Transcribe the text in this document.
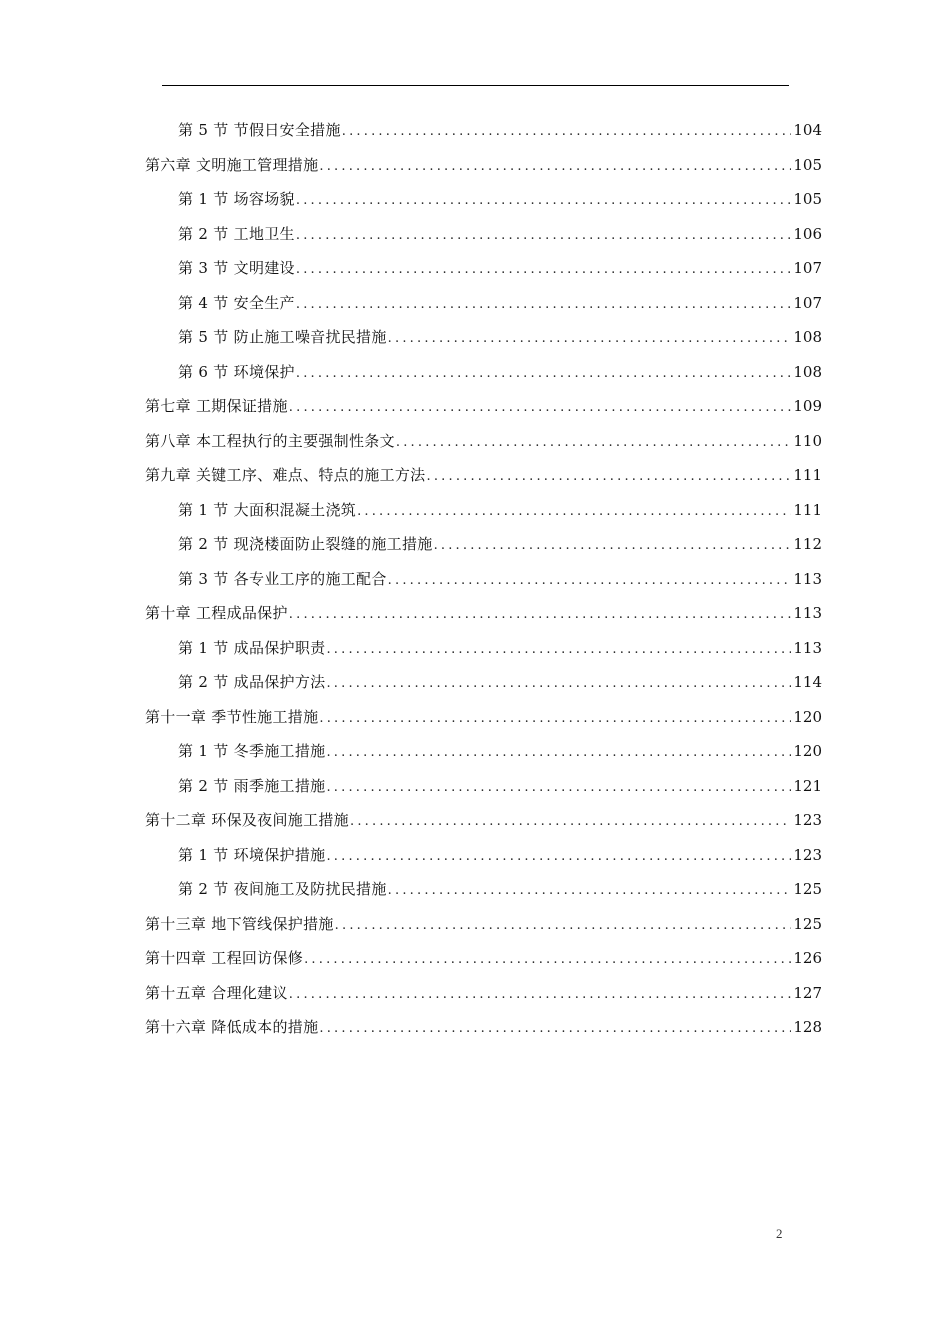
第 5 节 节假日安全措施 .....	104
第六章 文明施工管理措施 .....	105
第 1 节 场容场貌 .....	105
第 2 节 工地卫生 .....	106
第 3 节 文明建设 .....	107
第 4 节 安全生产 .....	107
第 5 节 防止施工噪音扰民措施 .....	108
第 6 节 环境保护 .....	108
第七章 工期保证措施 .....	109
第八章 本工程执行的主要强制性条文 .....	110
第九章 关键工序、难点、特点的施工方法 .....	111
第 1 节 大面积混凝土浇筑 .....	111
第 2 节 现浇楼面防止裂缝的施工措施 .....	112
第 3 节 各专业工序的施工配合 .....	113
第十章 工程成品保护 .....	113
第 1 节 成品保护职责 .....	113
第 2 节 成品保护方法 .....	114
第十一章 季节性施工措施 .....	120
第 1 节 冬季施工措施 .....	120
第 2 节 雨季施工措施 .....	121
第十二章 环保及夜间施工措施 .....	123
第 1 节 环境保护措施 .....	123
第 2 节 夜间施工及防扰民措施 .....	125
第十三章 地下管线保护措施 .....	125
第十四章 工程回访保修 .....	126
第十五章 合理化建议 .....	127
第十六章 降低成本的措施 .....	128
2
